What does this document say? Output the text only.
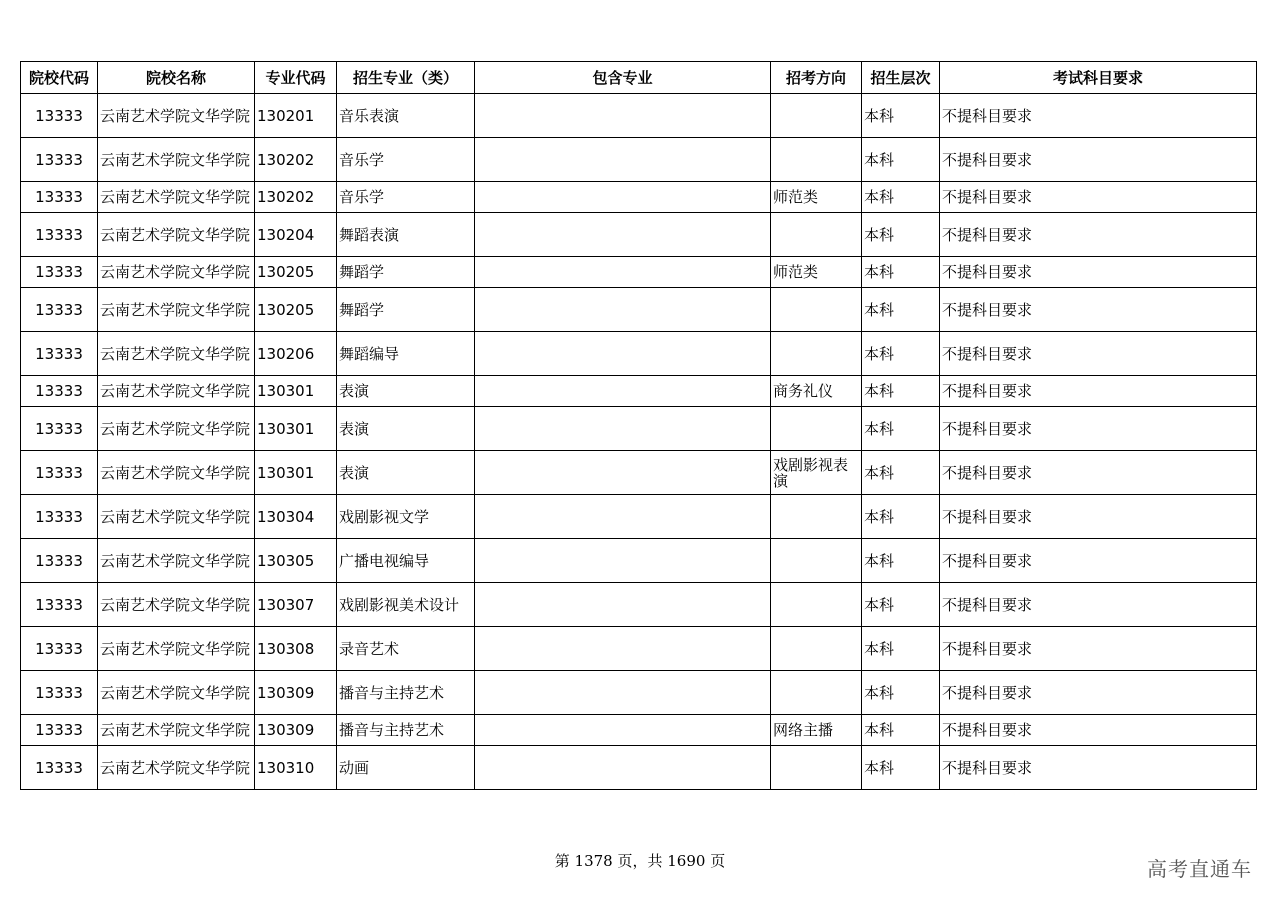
院校代码	院校名称	专业代码	招生专业（类）	包含专业	招考方向	招生层次	考试科目要求
13333	云南艺术学院文华学院	130201	音乐表演			本科	不提科目要求
13333	云南艺术学院文华学院	130202	音乐学			本科	不提科目要求
13333	云南艺术学院文华学院	130202	音乐学		师范类	本科	不提科目要求
13333	云南艺术学院文华学院	130204	舞蹈表演			本科	不提科目要求
13333	云南艺术学院文华学院	130205	舞蹈学		师范类	本科	不提科目要求
13333	云南艺术学院文华学院	130205	舞蹈学			本科	不提科目要求
13333	云南艺术学院文华学院	130206	舞蹈编导			本科	不提科目要求
13333	云南艺术学院文华学院	130301	表演		商务礼仪	本科	不提科目要求
13333	云南艺术学院文华学院	130301	表演			本科	不提科目要求
13333	云南艺术学院文华学院	130301	表演		戏剧影视表演	本科	不提科目要求
13333	云南艺术学院文华学院	130304	戏剧影视文学			本科	不提科目要求
13333	云南艺术学院文华学院	130305	广播电视编导			本科	不提科目要求
13333	云南艺术学院文华学院	130307	戏剧影视美术设计			本科	不提科目要求
13333	云南艺术学院文华学院	130308	录音艺术			本科	不提科目要求
13333	云南艺术学院文华学院	130309	播音与主持艺术			本科	不提科目要求
13333	云南艺术学院文华学院	130309	播音与主持艺术		网络主播	本科	不提科目要求
13333	云南艺术学院文华学院	130310	动画			本科	不提科目要求
第 1378 页，共 1690 页	高考直通车
